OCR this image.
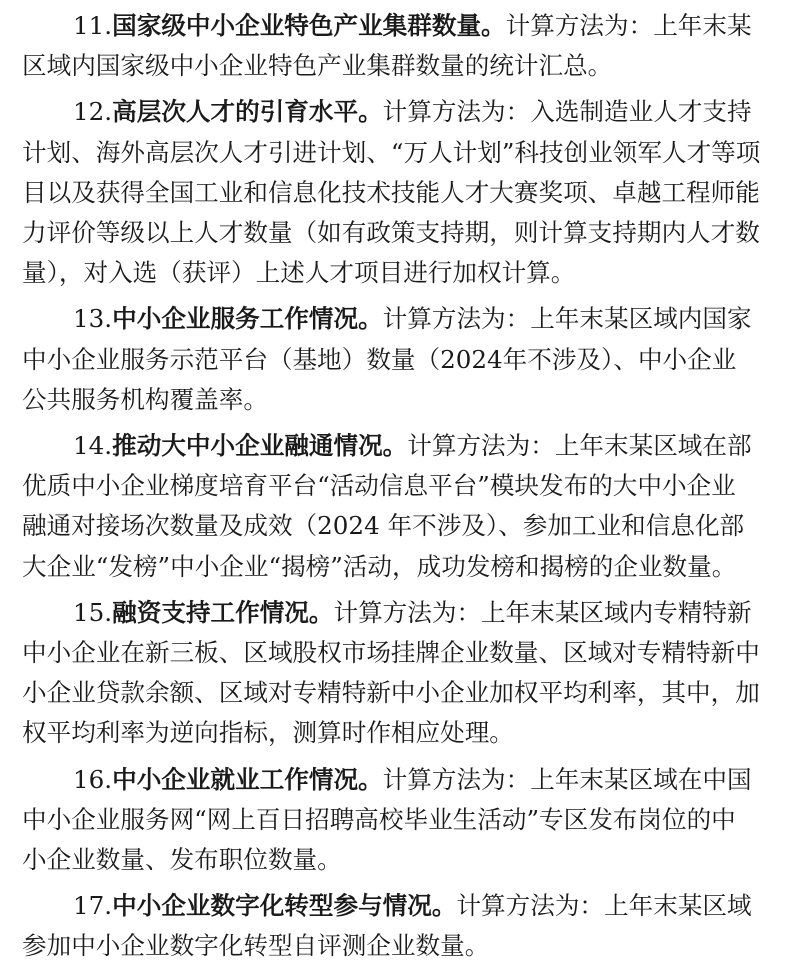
11.国家级中小企业特色产业集群数量。计算方法为：上年末某
区域内国家级中小企业特色产业集群数量的统计汇总。
12.高层次人才的引育水平。计算方法为：入选制造业人才支持
计划、海外高层次人才引进计划、“万人计划”科技创业领军人才等项
目以及获得全国工业和信息化技术技能人才大赛奖项、卓越工程师能
力评价等级以上人才数量（如有政策支持期，则计算支持期内人才数
量），对入选（获评）上述人才项目进行加权计算。
13.中小企业服务工作情况。计算方法为：上年末某区域内国家
中小企业服务示范平台（基地）数量（2024年不涉及）、中小企业
公共服务机构覆盖率。
14.推动大中小企业融通情况。计算方法为：上年末某区域在部
优质中小企业梯度培育平台“活动信息平台”模块发布的大中小企业
融通对接场次数量及成效（2024 年不涉及）、参加工业和信息化部
大企业“发榜”中小企业“揭榜”活动，成功发榜和揭榜的企业数量。
15.融资支持工作情况。计算方法为：上年末某区域内专精特新
中小企业在新三板、区域股权市场挂牌企业数量、区域对专精特新中
小企业贷款余额、区域对专精特新中小企业加权平均利率，其中，加
权平均利率为逆向指标，测算时作相应处理。
16.中小企业就业工作情况。计算方法为：上年末某区域在中国
中小企业服务网“网上百日招聘高校毕业生活动”专区发布岗位的中
小企业数量、发布职位数量。
17.中小企业数字化转型参与情况。计算方法为：上年末某区域
参加中小企业数字化转型自评测企业数量。
